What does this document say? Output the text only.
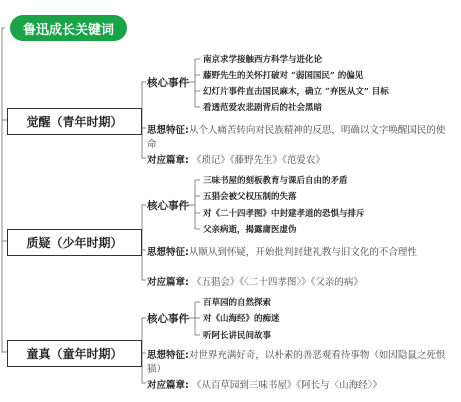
鲁迅成长关键词
觉醒（青年时期）
核心事件
南京求学接触西方科学与进化论
藤野先生的关怀打破对 “弱国国民” 的偏见
幻灯片事件直击国民麻木，确立 “弃医从文” 目标
看透范爱农悲剧背后的社会黑暗
思想特征:从个人痛苦转向对民族精神的反思，明确以文字唤醒国民的使命
对应篇章: 《琐记》《藤野先生》《范爱农》
质疑（少年时期）
核心事件
三味书屋的刻板教育与课后自由的矛盾
五猖会被父权压制的失落
对《二十四孝图》中封建孝道的恐惧与排斥
父亲病逝，揭露庸医虚伪
思想特征:从顺从到怀疑，开始批判封建礼教与旧文化的不合理性
对应篇章: 《五猖会》《〈二十四孝图〉》《父亲的病》
童真（童年时期）
核心事件
百草园的自然探索
对《山海经》的痴迷
听阿长讲民间故事
思想特征:对世界充满好奇，以朴素的善恶观看待事物（如因隐鼠之死恨猫）
对应篇章: 《从百草园到三味书屋》《阿长与〈山海经〉》
